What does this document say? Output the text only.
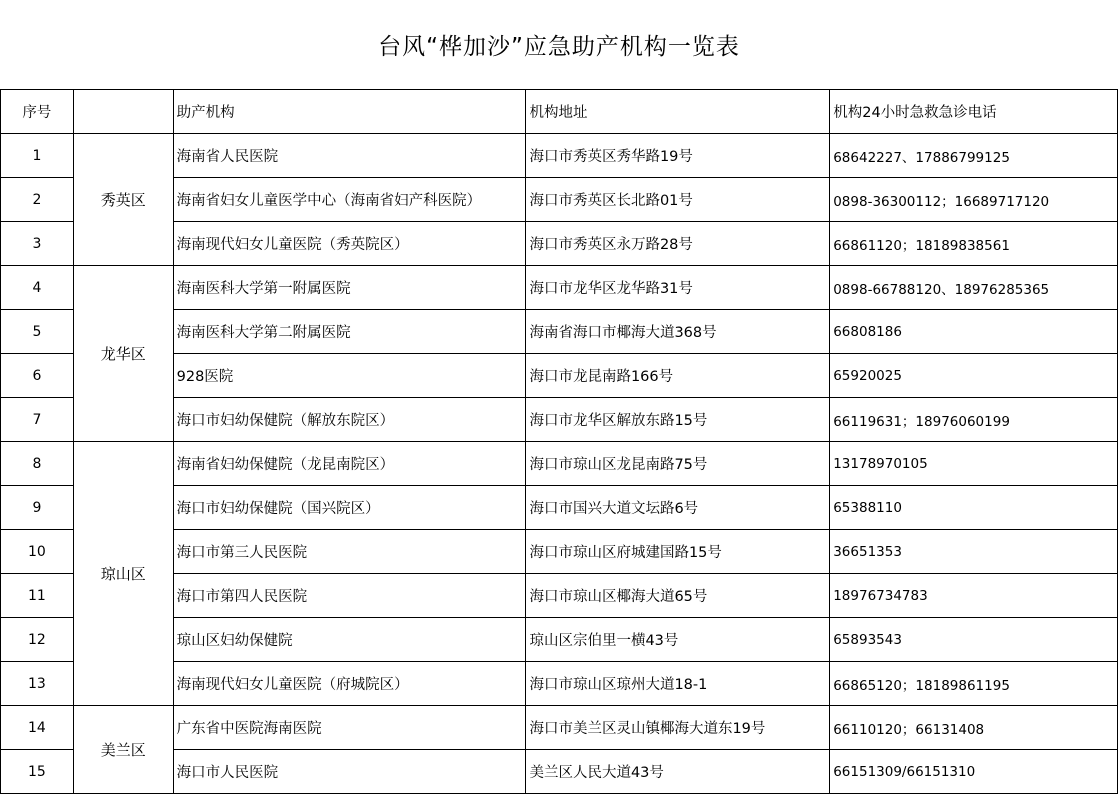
台风“桦加沙”应急助产机构一览表
序号		助产机构	机构地址	机构24小时急救急诊电话
1	秀英区	海南省人民医院	海口市秀英区秀华路19号	68642227、17886799125
2		海南省妇女儿童医学中心（海南省妇产科医院）	海口市秀英区长北路01号	0898-36300112；16689717120
3		海南现代妇女儿童医院（秀英院区）	海口市秀英区永万路28号	66861120；18189838561
4	龙华区	海南医科大学第一附属医院	海口市龙华区龙华路31号	0898-66788120、18976285365
5		海南医科大学第二附属医院	海南省海口市椰海大道368号	66808186
6		928医院	海口市龙昆南路166号	65920025
7		海口市妇幼保健院（解放东院区）	海口市龙华区解放东路15号	66119631；18976060199
8	琼山区	海南省妇幼保健院（龙昆南院区）	海口市琼山区龙昆南路75号	13178970105
9		海口市妇幼保健院（国兴院区）	海口市国兴大道文坛路6号	65388110
10		海口市第三人民医院	海口市琼山区府城建国路15号	36651353
11		海口市第四人民医院	海口市琼山区椰海大道65号	18976734783
12		琼山区妇幼保健院	琼山区宗伯里一横43号	65893543
13		海南现代妇女儿童医院（府城院区）	海口市琼山区琼州大道18-1	66865120；18189861195
14	美兰区	广东省中医院海南医院	海口市美兰区灵山镇椰海大道东19号	66110120；66131408
15		海口市人民医院	美兰区人民大道43号	66151309/66151310
